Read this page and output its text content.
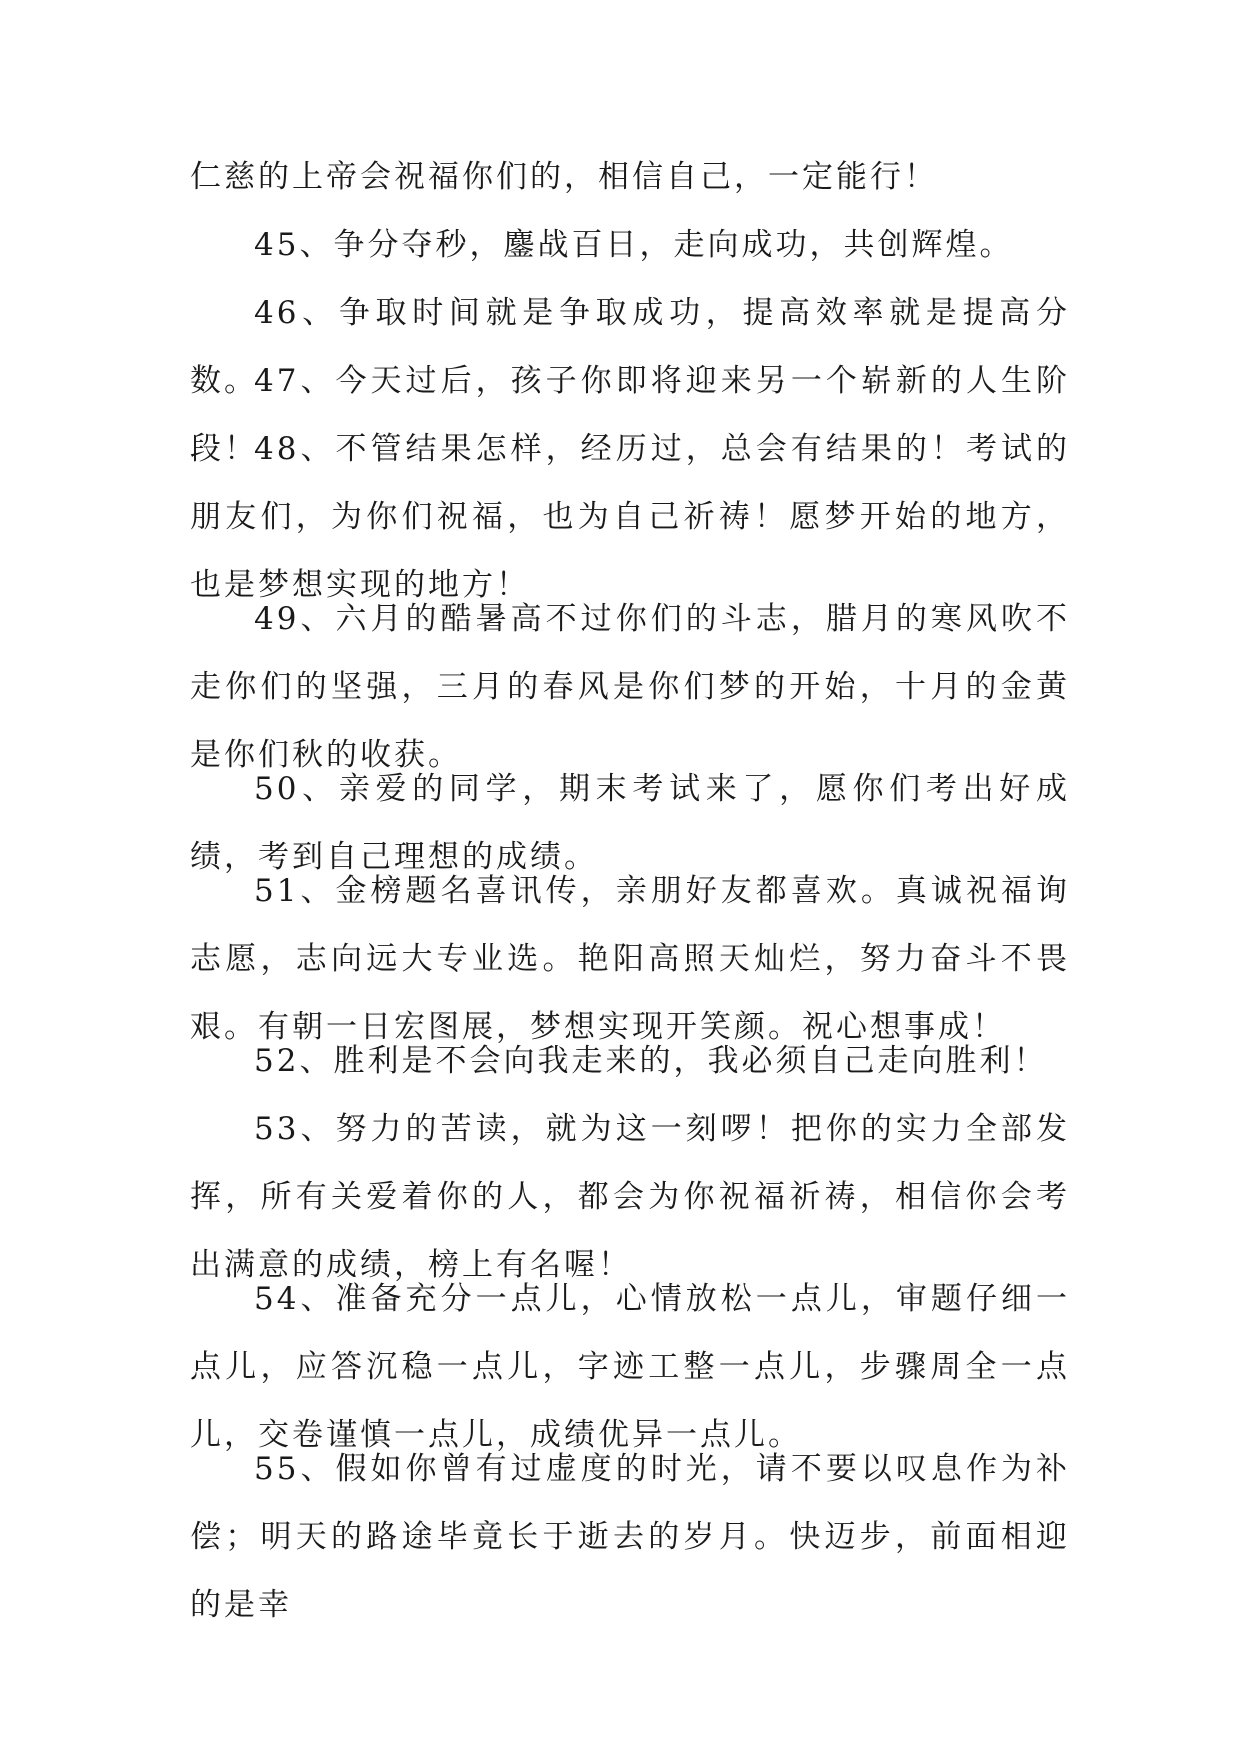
仁慈的上帝会祝福你们的，相信自己，一定能行！

45、争分夺秒，鏖战百日，走向成功，共创辉煌。

46、争取时间就是争取成功，提高效率就是提高分数。

47、今天过后，孩子你即将迎来另一个崭新的人生阶段！

48、不管结果怎样，经历过，总会有结果的！考试的朋友们，为你们祝福，也为自己祈祷！愿梦开始的地方，也是梦想实现的地方！

49、六月的酷暑高不过你们的斗志，腊月的寒风吹不走你们的坚强，三月的春风是你们梦的开始，十月的金黄是你们秋的收获。

50、亲爱的同学，期末考试来了，愿你们考出好成绩，考到自己理想的成绩。

51、金榜题名喜讯传，亲朋好友都喜欢。真诚祝福询志愿，志向远大专业选。艳阳高照天灿烂，努力奋斗不畏艰。有朝一日宏图展，梦想实现开笑颜。祝心想事成！

52、胜利是不会向我走来的，我必须自己走向胜利！

53、努力的苦读，就为这一刻啰！把你的实力全部发挥，所有关爱着你的人，都会为你祝福祈祷，相信你会考出满意的成绩，榜上有名喔！

54、准备充分一点儿，心情放松一点儿，审题仔细一点儿，应答沉稳一点儿，字迹工整一点儿，步骤周全一点儿，交卷谨慎一点儿，成绩优异一点儿。

55、假如你曾有过虚度的时光，请不要以叹息作为补偿；明天的路途毕竟长于逝去的岁月。快迈步，前面相迎的是幸
